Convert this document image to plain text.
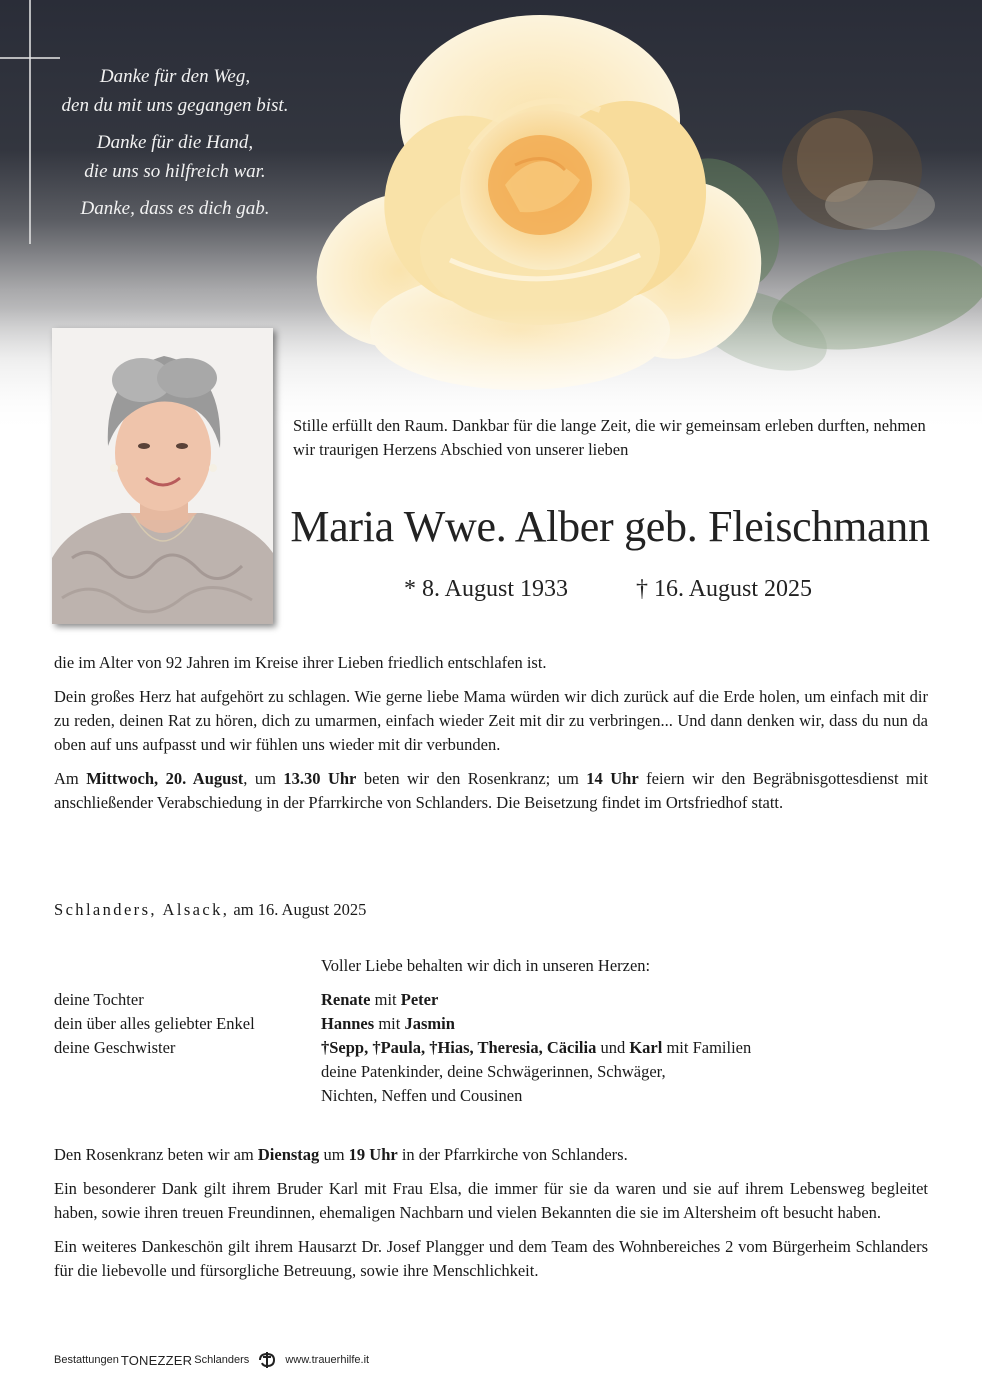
Danke für den Weg,
den du mit uns gegangen bist.

Danke für die Hand,
die uns so hilfreich war.

Danke, dass es dich gab.

Stille erfüllt den Raum. Dankbar für die lange Zeit, die wir gemeinsam erleben durften, nehmen wir traurigen Herzens Abschied von unserer lieben
Maria Wwe. Alber geb. Fleischmann
* 8. August 1933	† 16. August 2025

die im Alter von 92 Jahren im Kreise ihrer Lieben friedlich entschlafen ist.

Dein großes Herz hat aufgehört zu schlagen. Wie gerne liebe Mama würden wir dich zurück auf die Erde holen, um einfach mit dir zu reden, deinen Rat zu hören, dich zu umarmen, einfach wieder Zeit mit dir zu verbringen... Und dann denken wir, dass du nun da oben auf uns aufpasst und wir fühlen uns wieder mit dir verbunden.

Am Mittwoch, 20. August, um 13.30 Uhr beten wir den Rosenkranz; um 14 Uhr feiern wir den Begräbnisgottesdienst mit anschließender Verabschiedung in der Pfarrkirche von Schlanders. Die Beisetzung findet im Ortsfriedhof statt.

Schlanders, Alsack, am 16. August 2025
Voller Liebe behalten wir dich in unseren Herzen:
deine Tochter	Renate mit Peter
dein über alles geliebter Enkel	Hannes mit Jasmin
deine Geschwister	†Sepp, †Paula, †Hias, Theresia, Cäcilia und Karl mit Familien
deine Patenkinder, deine Schwägerinnen, Schwäger,
Nichten, Neffen und Cousinen

Den Rosenkranz beten wir am Dienstag um 19 Uhr in der Pfarrkirche von Schlanders.

Ein besonderer Dank gilt ihrem Bruder Karl mit Frau Elsa, die immer für sie da waren und sie auf ihrem Lebensweg begleitet haben, sowie ihren treuen Freundinnen, ehemaligen Nachbarn und vielen Bekannten die sie im Altersheim oft besucht haben.

Ein weiteres Dankeschön gilt ihrem Hausarzt Dr. Josef Plangger und dem Team des Wohnbereiches 2 vom Bürgerheim Schlanders für die liebevolle und fürsorgliche Betreuung, sowie ihre Menschlichkeit.

Bestattungen TONEZZER Schlanders	www.trauerhilfe.it
